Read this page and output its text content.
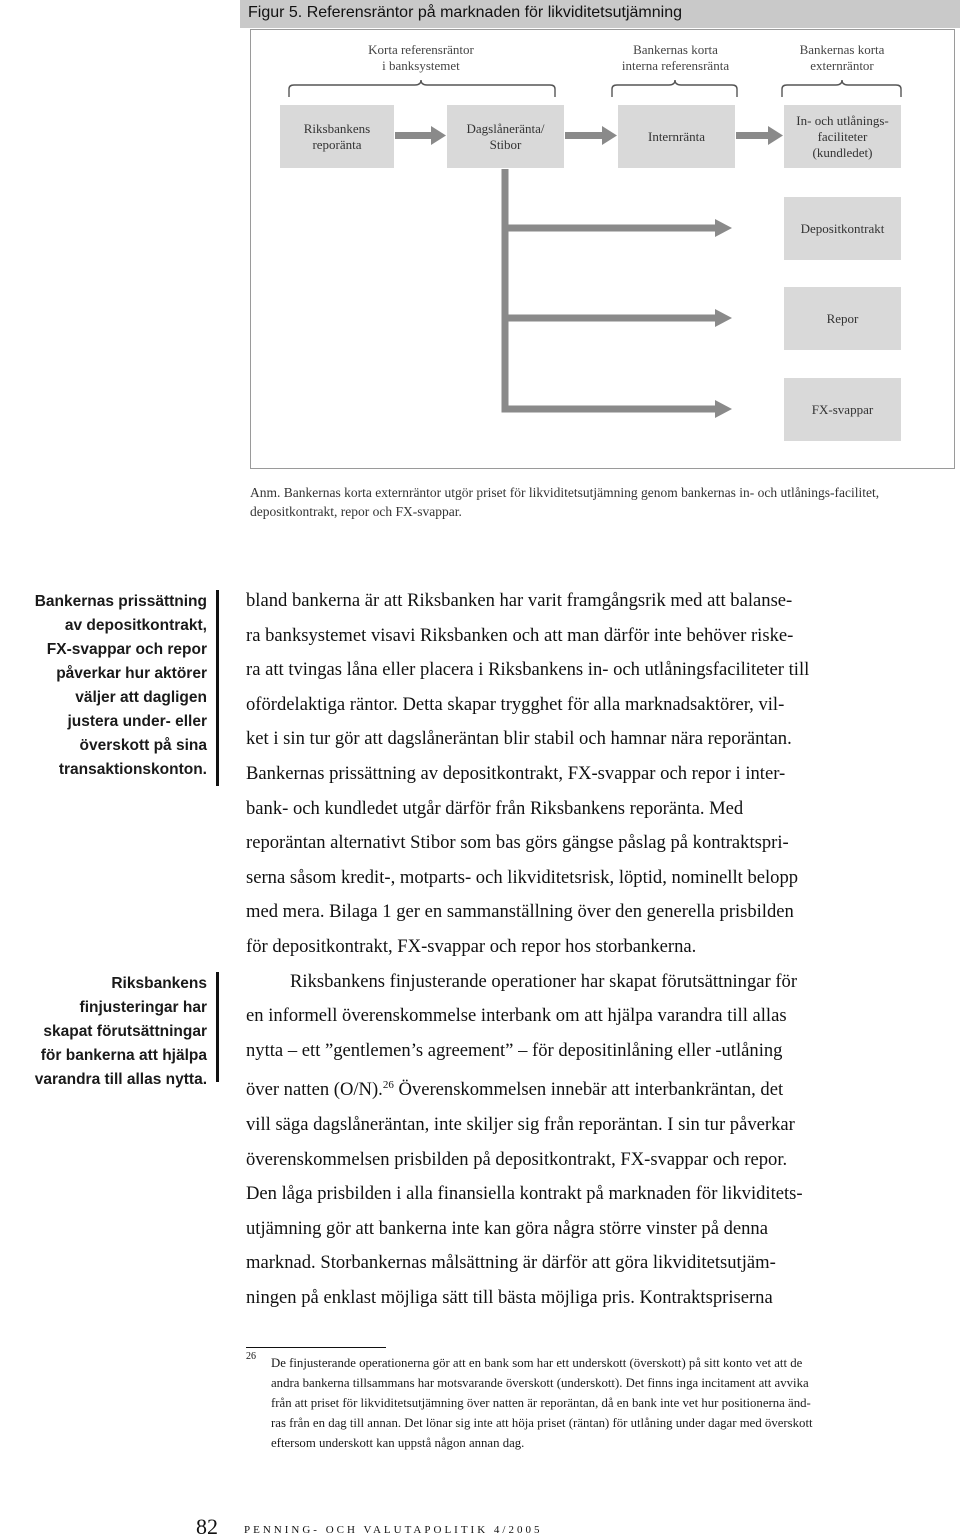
Figur 5. Referensräntor på marknaden för likviditetsutjämning
Korta referensräntor
i banksystemet
Bankernas korta
interna referensränta
Bankernas korta
externräntor
Riksbankens
reporänta
Dagslåneränta/
Stibor
Internränta
In- och utlånings-
faciliteter
(kundledet)
Depositkontrakt
Repor
FX-svappar
Anm. Bankernas korta externräntor utgör priset för likviditetsutjämning genom bankernas in- och utlånings-facilitet, depositkontrakt, repor och FX-svappar.
Bankernas prissättning
av depositkontrakt,
FX-svappar och repor
påverkar hur aktörer
väljer att dagligen
justera under- eller
överskott på sina
transaktionskonton.
Riksbankens
finjusteringar har
skapat förutsättningar
för bankerna att hjälpa
varandra till allas nytta.
bland bankerna är att Riksbanken har varit framgångsrik med att balanse-
ra banksystemet visavi Riksbanken och att man därför inte behöver riske-
ra att tvingas låna eller placera i Riksbankens in- och utlåningsfaciliteter till
ofördelaktiga räntor. Detta skapar trygghet för alla marknadsaktörer, vil-
ket i sin tur gör att dagslåneräntan blir stabil och hamnar nära reporäntan.
Bankernas prissättning av depositkontrakt, FX-svappar och repor i inter-
bank- och kundledet utgår därför från Riksbankens reporänta. Med
reporäntan alternativt Stibor som bas görs gängse påslag på kontraktspri-
serna såsom kredit-, motparts- och likviditetsrisk, löptid, nominellt belopp
med mera. Bilaga 1 ger en sammanställning över den generella prisbilden
för depositkontrakt, FX-svappar och repor hos storbankerna.
Riksbankens finjusterande operationer har skapat förutsättningar för
en informell överenskommelse interbank om att hjälpa varandra till allas
nytta – ett ”gentlemen’s agreement” – för depositinlåning eller -utlåning
över natten (O/N).$^{26}$ Överenskommelsen innebär att interbankräntan, det
vill säga dagslåneräntan, inte skiljer sig från reporäntan. I sin tur påverkar
överenskommelsen prisbilden på depositkontrakt, FX-svappar och repor.
Den låga prisbilden i alla finansiella kontrakt på marknaden för likviditets-
utjämning gör att bankerna inte kan göra några större vinster på denna
marknad. Storbankernas målsättning är därför att göra likviditetsutjäm-
ningen på enklast möjliga sätt till bästa möjliga pris. Kontraktspriserna
26 De finjusterande operationerna gör att en bank som har ett underskott (överskott) på sitt konto vet att de
andra bankerna tillsammans har motsvarande överskott (underskott). Det finns inga incitament att avvika
från att priset för likviditetsutjämning över natten är reporäntan, då en bank inte vet hur positionerna änd-
ras från en dag till annan. Det lönar sig inte att höja priset (räntan) för utlåning under dagar med överskott
eftersom underskott kan uppstå någon annan dag.
82 PENNING- OCH VALUTAPOLITIK 4/2005
